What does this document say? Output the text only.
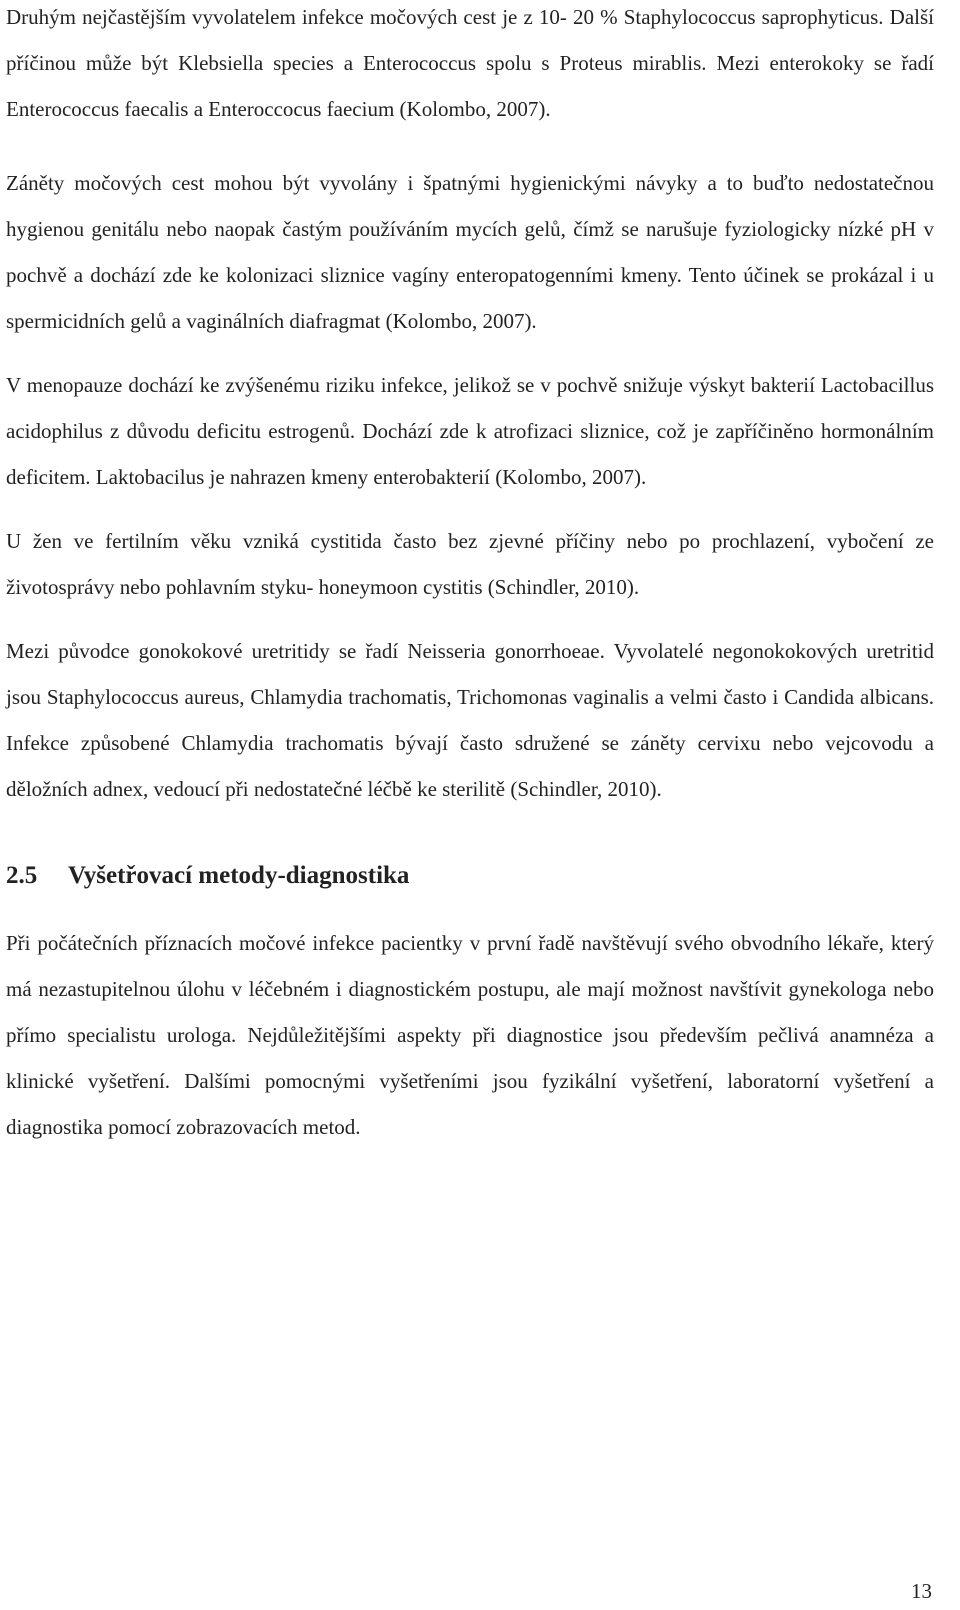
Druhým nejčastějším vyvolatelem infekce močových cest je z 10- 20 % Staphylococcus saprophyticus. Další příčinou může být Klebsiella species a Enterococcus spolu s Proteus mirablis. Mezi enterokoky se řadí Enterococcus faecalis a Enteroccocus faecium (Kolombo, 2007).

Záněty močových cest mohou být vyvolány i špatnými hygienickými návyky a to buďto nedostatečnou hygienou genitálu nebo naopak častým používáním mycích gelů, čímž se narušuje fyziologicky nízké pH v pochvě a dochází zde ke kolonizaci sliznice vagíny enteropatogenními kmeny. Tento účinek se prokázal i u spermicidních gelů a vaginálních diafragmat (Kolombo, 2007).

V menopauze dochází ke zvýšenému riziku infekce, jelikož se v pochvě snižuje výskyt bakterií Lactobacillus acidophilus z důvodu deficitu estrogenů. Dochází zde k atrofizaci sliznice, což je zapříčiněno hormonálním deficitem. Laktobacilus je nahrazen kmeny enterobakterií (Kolombo, 2007).

U žen ve fertilním věku vzniká cystitida často bez zjevné příčiny nebo po prochlazení, vybočení ze životosprávy nebo pohlavním styku- honeymoon cystitis (Schindler, 2010).

Mezi původce gonokokové uretritidy se řadí Neisseria gonorrhoeae. Vyvolatelé negonokokových uretritid jsou Staphylococcus aureus, Chlamydia trachomatis, Trichomonas vaginalis a velmi často i Candida albicans. Infekce způsobené Chlamydia trachomatis bývají často sdružené se záněty cervixu nebo vejcovodu a děložních adnex, vedoucí při nedostatečné léčbě ke sterilitě (Schindler, 2010).

2.5	Vyšetřovací metody-diagnostika

Při počátečních příznacích močové infekce pacientky v první řadě navštěvují svého obvodního lékaře, který má nezastupitelnou úlohu v léčebném i diagnostickém postupu, ale mají možnost navštívit gynekologa nebo přímo specialistu urologa. Nejdůležitějšími aspekty při diagnostice jsou především pečlivá anamnéza a klinické vyšetření. Dalšími pomocnými vyšetřeními jsou fyzikální vyšetření, laboratorní vyšetření a diagnostika pomocí zobrazovacích metod.

13
